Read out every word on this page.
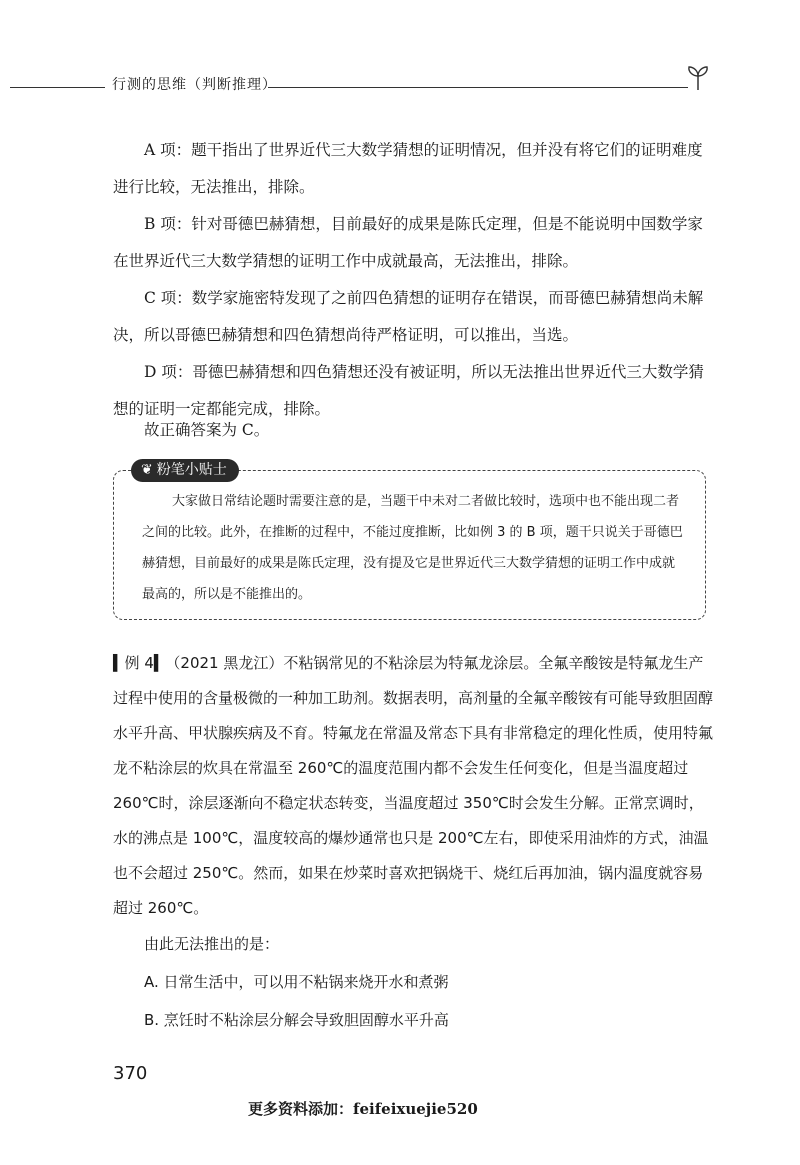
行测的思维（判断推理）

A 项：题干指出了世界近代三大数学猜想的证明情况，但并没有将它们的证明难度进行比较，无法推出，排除。

B 项：针对哥德巴赫猜想，目前最好的成果是陈氏定理，但是不能说明中国数学家在世界近代三大数学猜想的证明工作中成就最高，无法推出，排除。

C 项：数学家施密特发现了之前四色猜想的证明存在错误，而哥德巴赫猜想尚未解决，所以哥德巴赫猜想和四色猜想尚待严格证明，可以推出，当选。

D 项：哥德巴赫猜想和四色猜想还没有被证明，所以无法推出世界近代三大数学猜想的证明一定都能完成，排除。

故正确答案为 C。

❦ 粉笔小贴士

大家做日常结论题时需要注意的是，当题干中未对二者做比较时，选项中也不能出现二者之间的比较。此外，在推断的过程中，不能过度推断，比如例 3 的 B 项，题干只说关于哥德巴赫猜想，目前最好的成果是陈氏定理，没有提及它是世界近代三大数学猜想的证明工作中成就最高的，所以是不能推出的。

▍例 4▍（2021 黑龙江）不粘锅常见的不粘涂层为特氟龙涂层。全氟辛酸铵是特氟龙生产过程中使用的含量极微的一种加工助剂。数据表明，高剂量的全氟辛酸铵有可能导致胆固醇水平升高、甲状腺疾病及不育。特氟龙在常温及常态下具有非常稳定的理化性质，使用特氟龙不粘涂层的炊具在常温至 260℃的温度范围内都不会发生任何变化，但是当温度超过 260℃时，涂层逐渐向不稳定状态转变，当温度超过 350℃时会发生分解。正常烹调时，水的沸点是 100℃，温度较高的爆炒通常也只是 200℃左右，即使采用油炸的方式，油温也不会超过 250℃。然而，如果在炒菜时喜欢把锅烧干、烧红后再加油，锅内温度就容易超过 260℃。

由此无法推出的是：

A. 日常生活中，可以用不粘锅来烧开水和煮粥

B. 烹饪时不粘涂层分解会导致胆固醇水平升高

370
更多资料添加：feifeixuejie520
